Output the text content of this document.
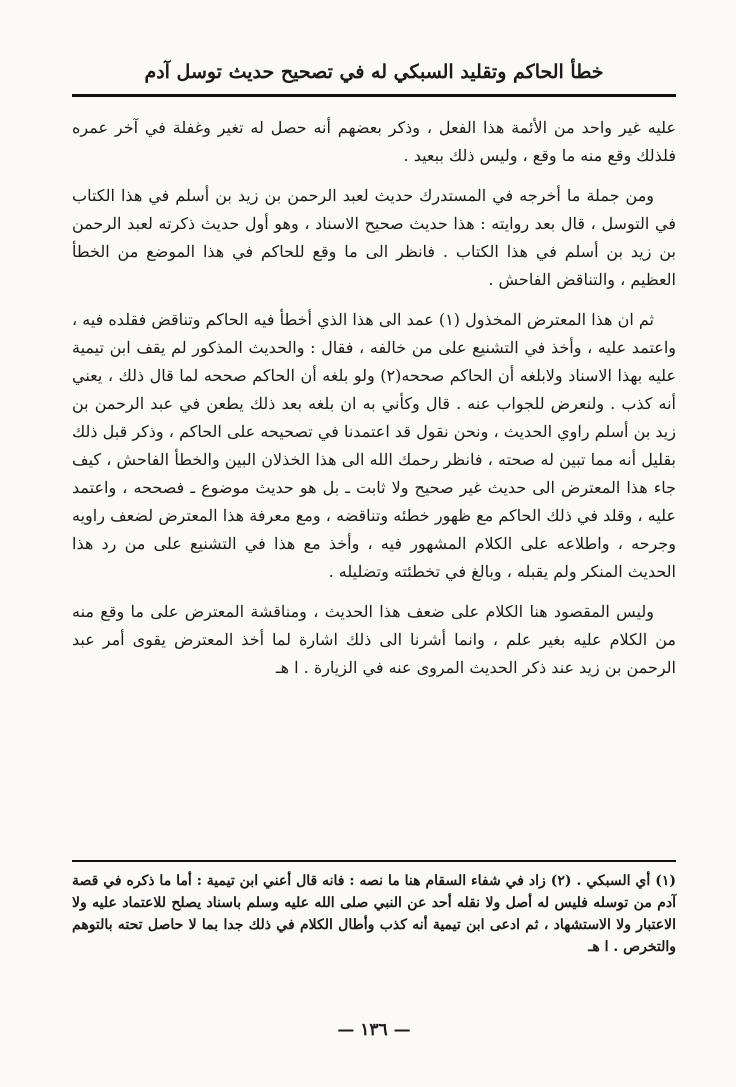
خطأ الحاكم وتقليد السبكي له في تصحيح حديث توسل آدم

عليه غير واحد من الأئمة هذا الفعل ، وذكر بعضهم أنه حصل له تغير وغفلة في آخر عمره فلذلك وقع منه ما وقع ، وليس ذلك ببعيد .

ومن جملة ما أخرجه في المستدرك حديث لعبد الرحمن بن زيد بن أسلم في هذا الكتاب في التوسل ، قال بعد روايته : هذا حديث صحيح الاسناد ، وهو أول حديث ذكرته لعبد الرحمن بن زيد بن أسلم في هذا الكتاب . فانظر الى ما وقع للحاكم في هذا الموضع من الخطأ العظيم ، والتناقض الفاحش .

ثم ان هذا المعترض المخذول (١) عمد الى هذا الذي أخطأ فيه الحاكم وتناقض فقلده فيه ، واعتمد عليه ، وأخذ في التشنيع على من خالفه ، فقال : والحديث المذكور لم يقف ابن تيمية عليه بهذا الاسناد ولابلغه أن الحاكم صححه(٢) ولو بلغه أن الحاكم صححه لما قال ذلك ، يعني أنه كذب . ولنعرض للجواب عنه . قال وكأني به ان بلغه بعد ذلك يطعن في عبد الرحمن بن زيد بن أسلم راوي الحديث ، ونحن نقول قد اعتمدنا في تصحيحه على الحاكم ، وذكر قبل ذلك بقليل أنه مما تبين له صحته ، فانظر رحمك الله الى هذا الخذلان البين والخطأ الفاحش ، كيف جاء هذا المعترض الى حديث غير صحيح ولا ثابت ـ بل هو حديث موضوع ـ فصححه ، واعتمد عليه ، وقلد في ذلك الحاكم مع ظهور خطئه وتناقضه ، ومع معرفة هذا المعترض لضعف راويه وجرحه ، واطلاعه على الكلام المشهور فيه ، وأخذ مع هذا في التشنيع على من رد هذا الحديث المنكر ولم يقبله ، وبالغ في تخطئته وتضليله .

وليس المقصود هنا الكلام على ضعف هذا الحديث ، ومناقشة المعترض على ما وقع منه من الكلام عليه بغير علم ، وانما أشرنا الى ذلك اشارة لما أخذ المعترض يقوى أمر عبد الرحمن بن زيد عند ذكر الحديث المروى عنه في الزيارة . ا هـ

(١) أي السبكي . (٢) زاد في شفاء السقام هنا ما نصه : فانه قال أعني ابن تيمية : أما ما ذكره في قصة آدم من توسله فليس له أصل ولا نقله أحد عن النبي صلى الله عليه وسلم باسناد يصلح للاعتماد عليه ولا الاعتبار ولا الاستشهاد ، ثم ادعى ابن تيمية أنه كذب وأطال الكلام في ذلك جدا بما لا حاصل تحته بالتوهم والتخرص . ا هـ

— ١٣٦ —
